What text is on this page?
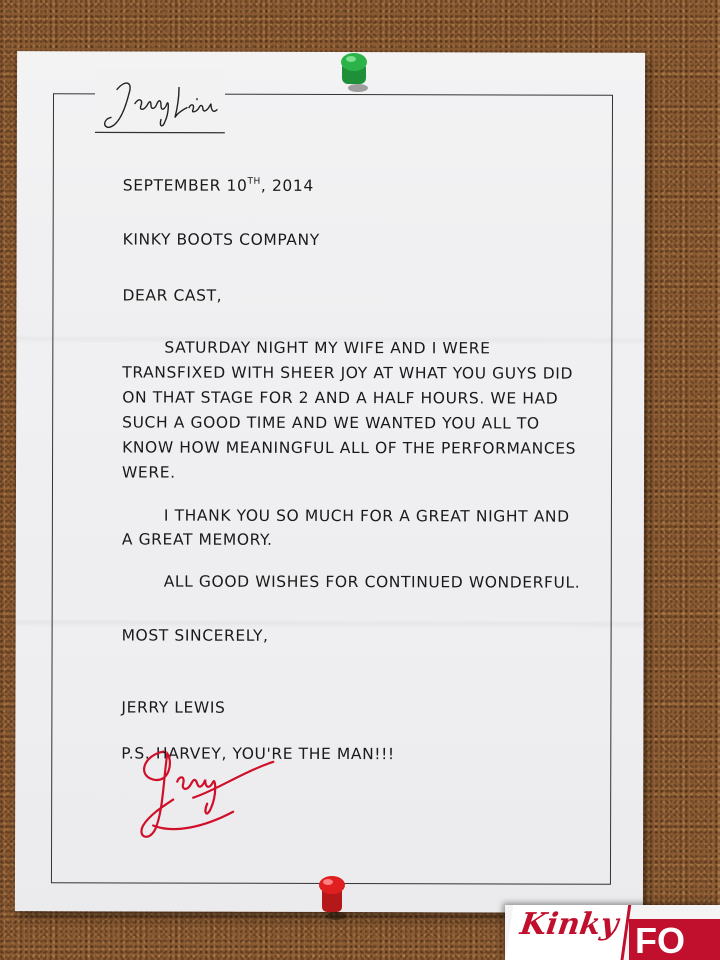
SEPTEMBER 10TH, 2014
KINKY BOOTS COMPANY
DEAR CAST,
SATURDAY NIGHT MY WIFE AND I WERE TRANSFIXED WITH SHEER JOY AT WHAT YOU GUYS DID ON THAT STAGE FOR 2 AND A HALF HOURS. WE HAD SUCH A GOOD TIME AND WE WANTED YOU ALL TO KNOW HOW MEANINGFUL ALL OF THE PERFORMANCES WERE.
I THANK YOU SO MUCH FOR A GREAT NIGHT AND A GREAT MEMORY.
ALL GOOD WISHES FOR CONTINUED WONDERFUL.
MOST SINCERELY,
JERRY LEWIS
P.S. HARVEY, YOU'RE THE MAN!!!
Kinky FO
